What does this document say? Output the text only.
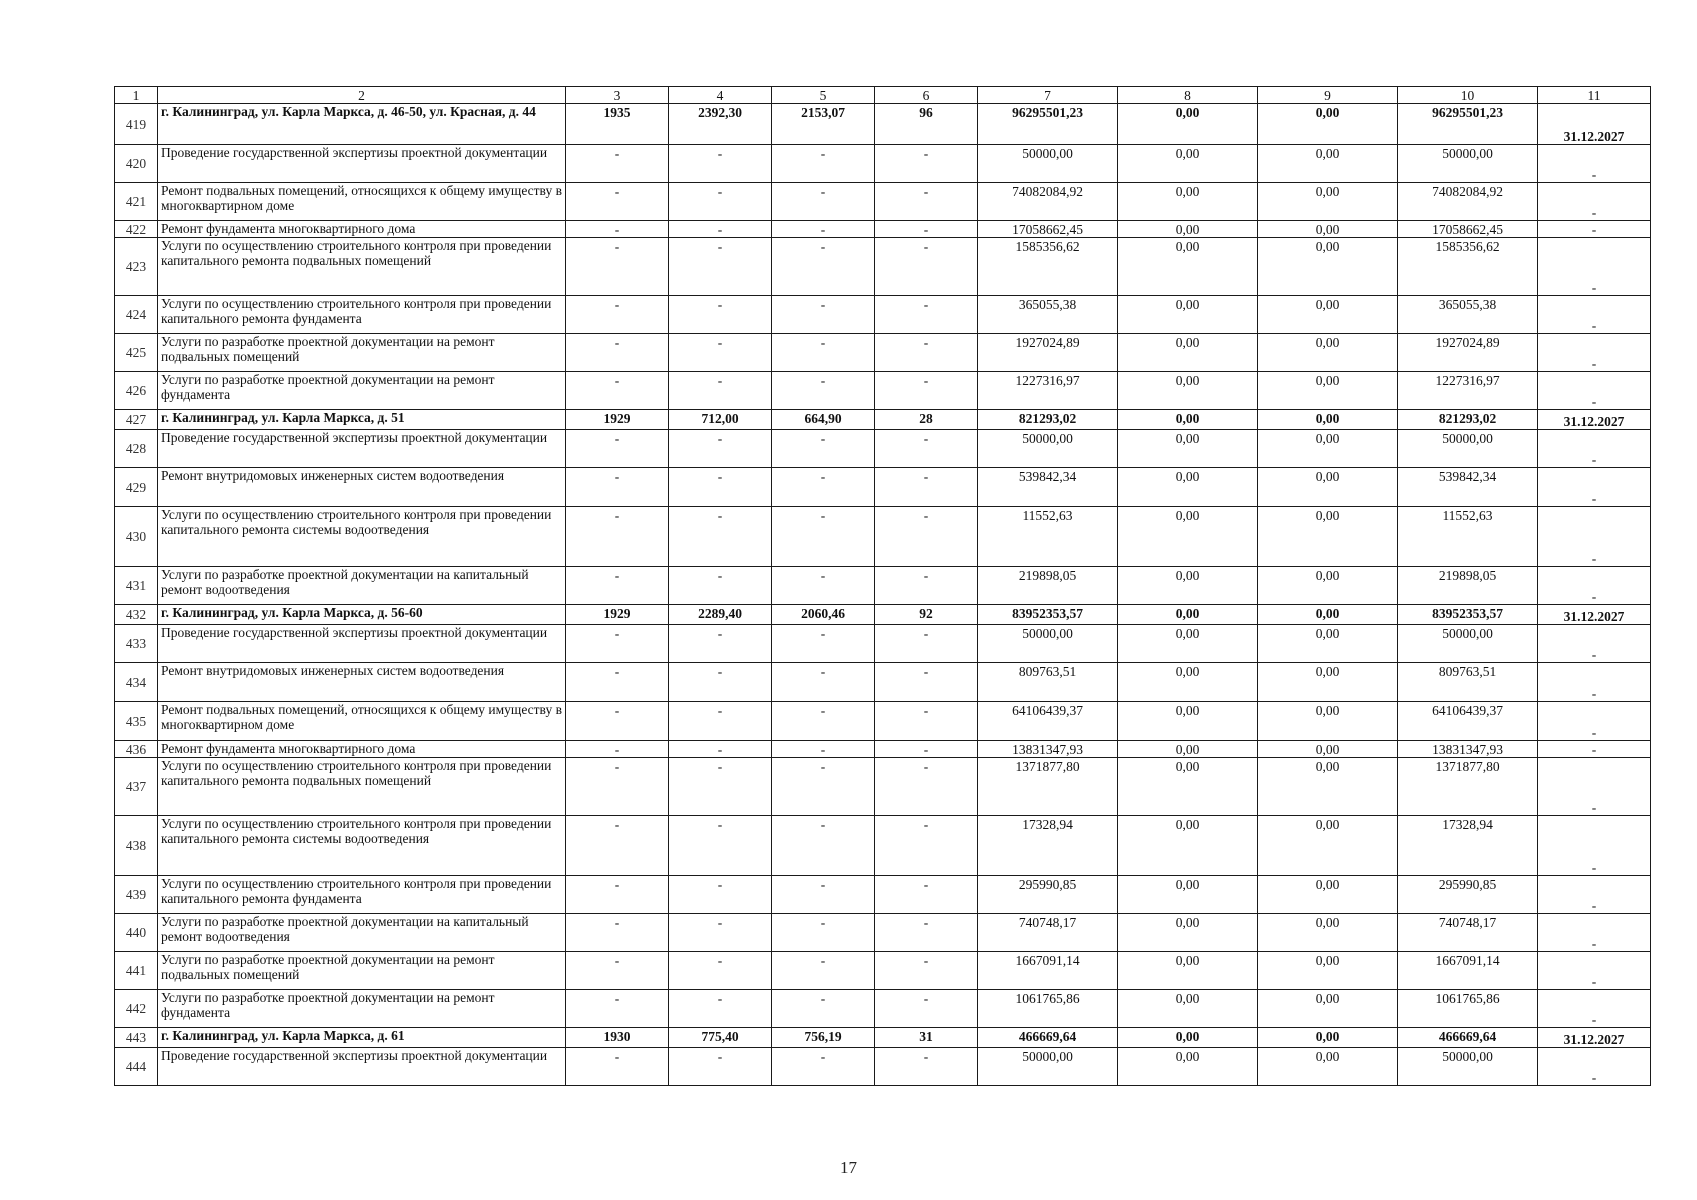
1	2	3	4	5	6	7	8	9	10	11
419	г. Калининград, ул. Карла Маркса, д. 46-50, ул. Красная, д. 44	1935	2392,30	2153,07	96	96295501,23	0,00	0,00	96295501,23	31.12.2027
420	Проведение государственной экспертизы проектной документации	-	-	-	-	50000,00	0,00	0,00	50000,00	-
421	Ремонт подвальных помещений, относящихся к общему имуществу в многоквартирном доме	-	-	-	-	74082084,92	0,00	0,00	74082084,92	-
422	Ремонт фундамента многоквартирного дома	-	-	-	-	17058662,45	0,00	0,00	17058662,45	-
423	Услуги по осуществлению строительного контроля при проведении капитального ремонта подвальных помещений	-	-	-	-	1585356,62	0,00	0,00	1585356,62	-
424	Услуги по осуществлению строительного контроля при проведении капитального ремонта фундамента	-	-	-	-	365055,38	0,00	0,00	365055,38	-
425	Услуги по разработке проектной документации на ремонт подвальных помещений	-	-	-	-	1927024,89	0,00	0,00	1927024,89	-
426	Услуги по разработке проектной документации на ремонт фундамента	-	-	-	-	1227316,97	0,00	0,00	1227316,97	-
427	г. Калининград, ул. Карла Маркса, д. 51	1929	712,00	664,90	28	821293,02	0,00	0,00	821293,02	31.12.2027
428	Проведение государственной экспертизы проектной документации	-	-	-	-	50000,00	0,00	0,00	50000,00	-
429	Ремонт внутридомовых инженерных систем водоотведения	-	-	-	-	539842,34	0,00	0,00	539842,34	-
430	Услуги по осуществлению строительного контроля при проведении капитального ремонта системы водоотведения	-	-	-	-	11552,63	0,00	0,00	11552,63	-
431	Услуги по разработке проектной документации на капитальный ремонт водоотведения	-	-	-	-	219898,05	0,00	0,00	219898,05	-
432	г. Калининград, ул. Карла Маркса, д. 56-60	1929	2289,40	2060,46	92	83952353,57	0,00	0,00	83952353,57	31.12.2027
433	Проведение государственной экспертизы проектной документации	-	-	-	-	50000,00	0,00	0,00	50000,00	-
434	Ремонт внутридомовых инженерных систем водоотведения	-	-	-	-	809763,51	0,00	0,00	809763,51	-
435	Ремонт подвальных помещений, относящихся к общему имуществу в многоквартирном доме	-	-	-	-	64106439,37	0,00	0,00	64106439,37	-
436	Ремонт фундамента многоквартирного дома	-	-	-	-	13831347,93	0,00	0,00	13831347,93	-
437	Услуги по осуществлению строительного контроля при проведении капитального ремонта подвальных помещений	-	-	-	-	1371877,80	0,00	0,00	1371877,80	-
438	Услуги по осуществлению строительного контроля при проведении капитального ремонта системы водоотведения	-	-	-	-	17328,94	0,00	0,00	17328,94	-
439	Услуги по осуществлению строительного контроля при проведении капитального ремонта фундамента	-	-	-	-	295990,85	0,00	0,00	295990,85	-
440	Услуги по разработке проектной документации на капитальный ремонт водоотведения	-	-	-	-	740748,17	0,00	0,00	740748,17	-
441	Услуги по разработке проектной документации на ремонт подвальных помещений	-	-	-	-	1667091,14	0,00	0,00	1667091,14	-
442	Услуги по разработке проектной документации на ремонт фундамента	-	-	-	-	1061765,86	0,00	0,00	1061765,86	-
443	г. Калининград, ул. Карла Маркса, д. 61	1930	775,40	756,19	31	466669,64	0,00	0,00	466669,64	31.12.2027
444	Проведение государственной экспертизы проектной документации	-	-	-	-	50000,00	0,00	0,00	50000,00	-
17
